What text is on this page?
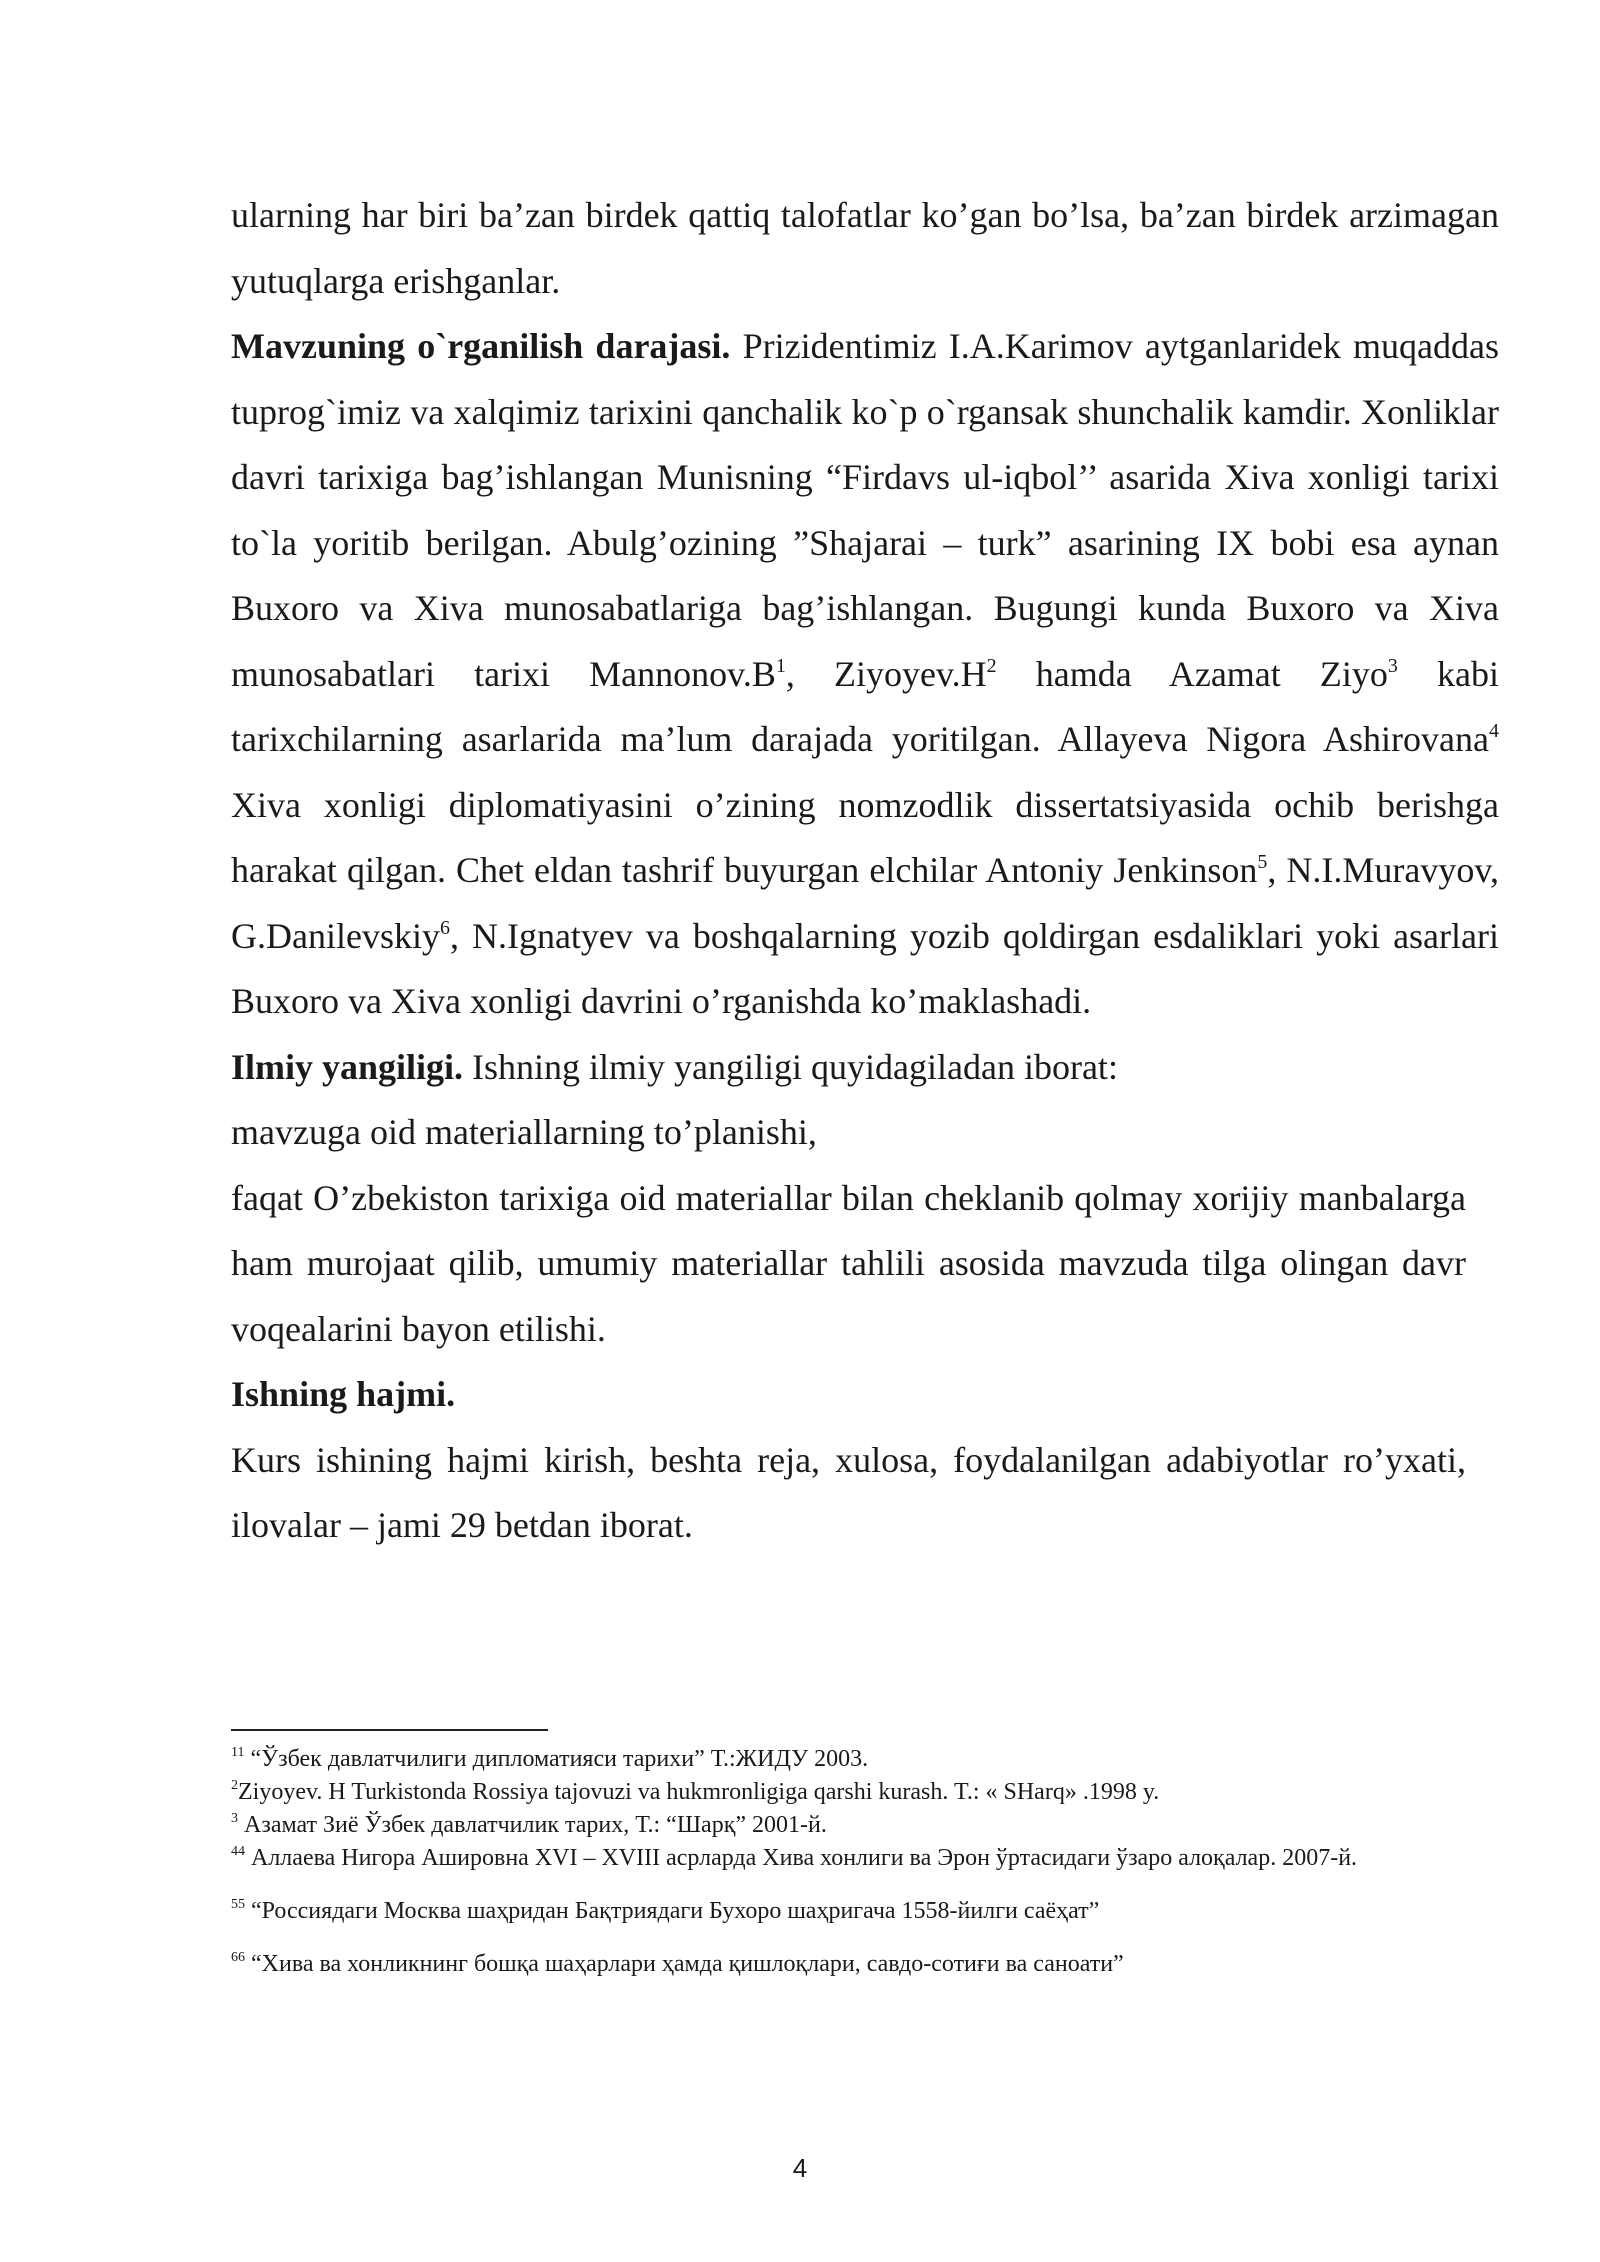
ularning har biri ba’zan birdek qattiq talofatlar ko’gan bo’lsa, ba’zan birdek arzimagan yutuqlarga erishganlar.

Mavzuning o`rganilish darajasi. Prizidentimiz I.A.Karimov aytganlaridek muqaddas tuprog`imiz va xalqimiz tarixini qanchalik ko`p o`rgansak shunchalik kamdir. Xonliklar davri tarixiga bag’ishlangan Munisning “Firdavs ul-iqbol’’ asarida Xiva xonligi tarixi to`la yoritib berilgan. Abulg’ozining ”Shajarai – turk” asarining IX bobi esa aynan Buxoro va Xiva munosabatlariga bag’ishlangan. Bugungi kunda Buxoro va Xiva munosabatlari tarixi $Mannonov.B^1$, $Ziyoyev.H^2$ hamda Azamat Ziyo$^3$ kabi tarixchilarning asarlarida ma’lum darajada yoritilgan. Allayeva Nigora Ashirovana$^4$ Xiva xonligi diplomatiyasini o’zining nomzodlik dissertatsiyasida ochib berishga harakat qilgan. Chet eldan tashrif buyurgan elchilar Antoniy Jenkinson$^5$, N.I.Muravyov, G.Danilevskiy$^6$, N.Ignatyev va boshqalarning yozib qoldirgan esdaliklari yoki asarlari Buxoro va Xiva xonligi davrini o’rganishda ko’maklashadi.

Ilmiy yangiligi. Ishning ilmiy yangiligi quyidagiladan iborat:

mavzuga oid materiallarning to’planishi,

faqat O’zbekiston tarixiga oid materiallar bilan cheklanib qolmay xorijiy manbalarga ham murojaat qilib, umumiy materiallar tahlili asosida mavzuda tilga olingan davr voqealarini bayon etilishi.

Ishning hajmi.

Kurs ishining hajmi kirish, beshta reja, xulosa, foydalanilgan adabiyotlar ro’yxati, ilovalar – jami 29 betdan iborat.

$^{11}$ “Ўзбек давлатчилиги дипломатияси тарихи” Т.:ЖИДУ 2003.

$^2$Ziyoyev. H Turkistonda Rossiya tajovuzi va hukmronligiga qarshi kurash. T.: « SHarq» .1998 y.

$^3$ Азамат Зиё Ўзбек давлатчилик тарих, Т.: “Шарқ” 2001-й.

$^{44}$ Аллаева Нигора Ашировна XVI – XVIII асрларда Хива хонлиги ва Эрон ўртасидаги ўзаро алоқалар. 2007-й.

$^{55}$ “Россиядаги Москва шаҳридан Бақтриядаги Бухоро шаҳригача 1558-йилги саёҳат”

$^{66}$ “Хива ва хонликнинг бошқа шаҳарлари ҳамда қишлоқлари, савдо-сотиғи ва саноати”

4
